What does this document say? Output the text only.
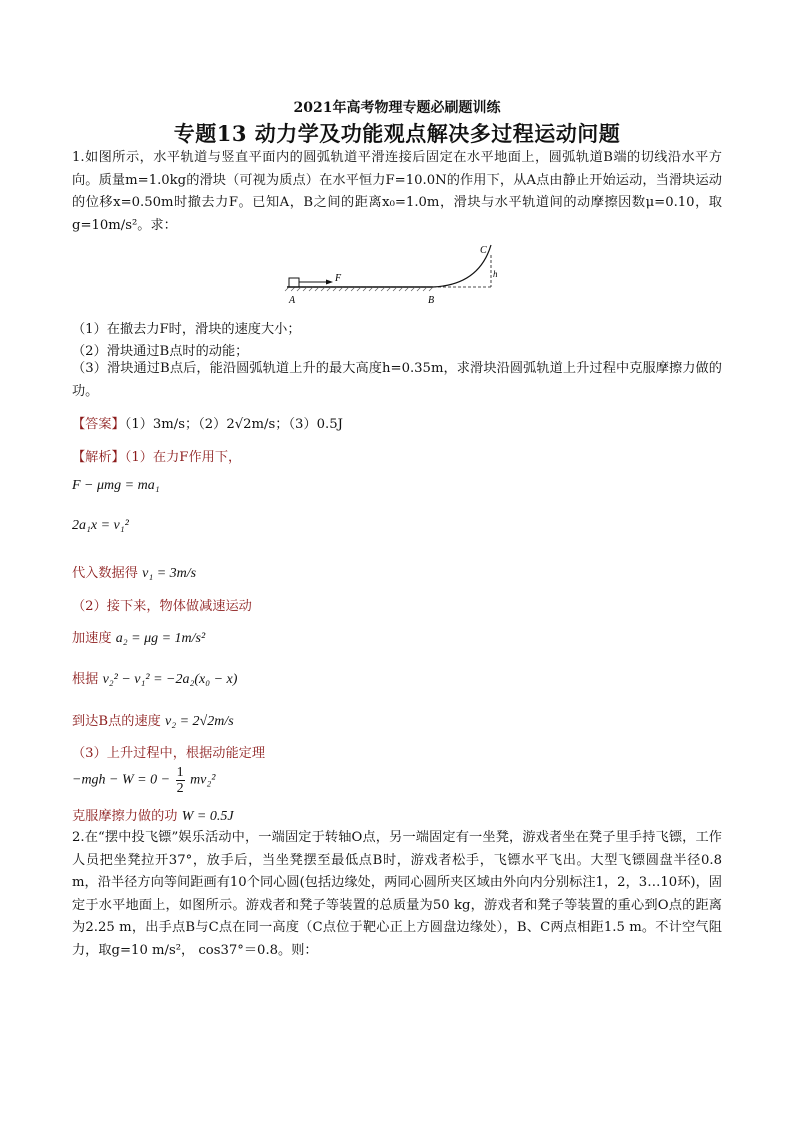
2021年高考物理专题必刷题训练
专题13 动力学及功能观点解决多过程运动问题
1.如图所示，水平轨道与竖直平面内的圆弧轨道平滑连接后固定在水平地面上，圆弧轨道B端的切线沿水平方向。质量m=1.0kg的滑块（可视为质点）在水平恒力F=10.0N的作用下，从A点由静止开始运动，当滑块运动的位移x=0.50m时撤去力F。已知A，B之间的距离x₀=1.0m，滑块与水平轨道间的动摩擦因数μ=0.10，取g=10m/s²。求：
F	h
C
A	B
（1）在撤去力F时，滑块的速度大小；
（2）滑块通过B点时的动能；
（3）滑块通过B点后，能沿圆弧轨道上升的最大高度h=0.35m，求滑块沿圆弧轨道上升过程中克服摩擦力做的功。
【答案】（1）3m/s；（2）2√2m/s；（3）0.5J
【解析】（1）在力F作用下，
F − μmg = ma₁
2a₁x = v₁²
代入数据得 v₁ = 3m/s
（2）接下来，物体做减速运动
加速度 a₂ = μg = 1m/s²
根据 v₂² − v₁² = −2a₂(x₀ − x)
到达B点的速度 v₂ = 2√2m/s
（3）上升过程中，根据动能定理
$-mgh - W = 0 - \frac{1}{2} mv_2^2$
克服摩擦力做的功 W = 0.5J
2.在“摆中投飞镖”娱乐活动中，一端固定于转轴O点，另一端固定有一坐凳，游戏者坐在凳子里手持飞镖，工作人员把坐凳拉开37°，放手后，当坐凳摆至最低点B时，游戏者松手，飞镖水平飞出。大型飞镖圆盘半径0.8 m，沿半径方向等间距画有10个同心圆(包括边缘处，两同心圆所夹区域由外向内分别标注1，2，3…10环)，固定于水平地面上，如图所示。游戏者和凳子等装置的总质量为50 kg，游戏者和凳子等装置的重心到O点的距离为2.25 m，出手点B与C点在同一高度（C点位于靶心正上方圆盘边缘处），B、C两点相距1.5 m。不计空气阻力，取g=10 m/s²， cos37°＝0.8。则：
